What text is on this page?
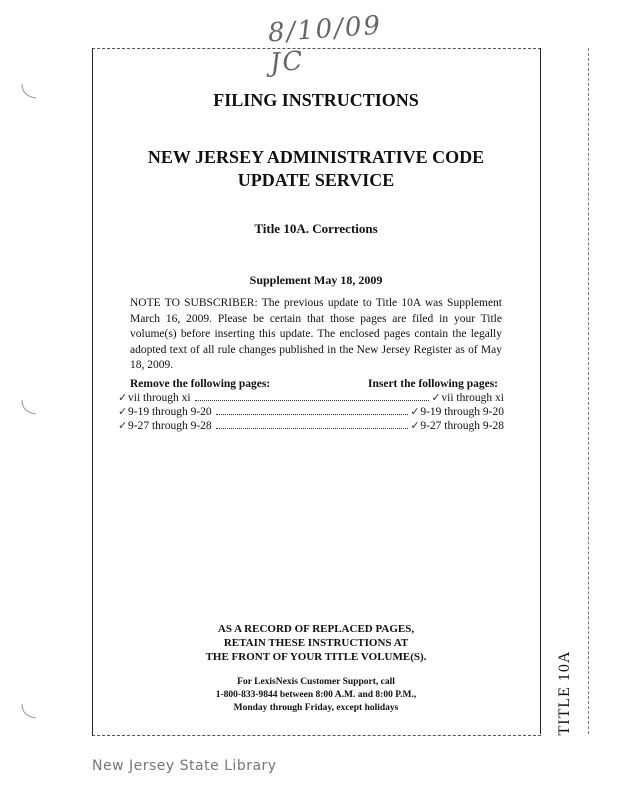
8/10/09 JC
TITLE 10A
FILING INSTRUCTIONS
NEW JERSEY ADMINISTRATIVE CODE
UPDATE SERVICE
Title 10A. Corrections
Supplement May 18, 2009
NOTE TO SUBSCRIBER: The previous update to Title 10A was Supplement March 16, 2009. Please be certain that those pages are filed in your Title volume(s) before inserting this update. The enclosed pages contain the legally adopted text of all rule changes published in the New Jersey Register as of May 18, 2009.
Remove the following pages:	Insert the following pages:
✓ vii through xi	✓ vii through xi
✓ 9-19 through 9-20	✓ 9-19 through 9-20
✓ 9-27 through 9-28	✓ 9-27 through 9-28
AS A RECORD OF REPLACED PAGES,
RETAIN THESE INSTRUCTIONS AT
THE FRONT OF YOUR TITLE VOLUME(S).
For LexisNexis Customer Support, call
1-800-833-9844 between 8:00 A.M. and 8:00 P.M.,
Monday through Friday, except holidays
New Jersey State Library
